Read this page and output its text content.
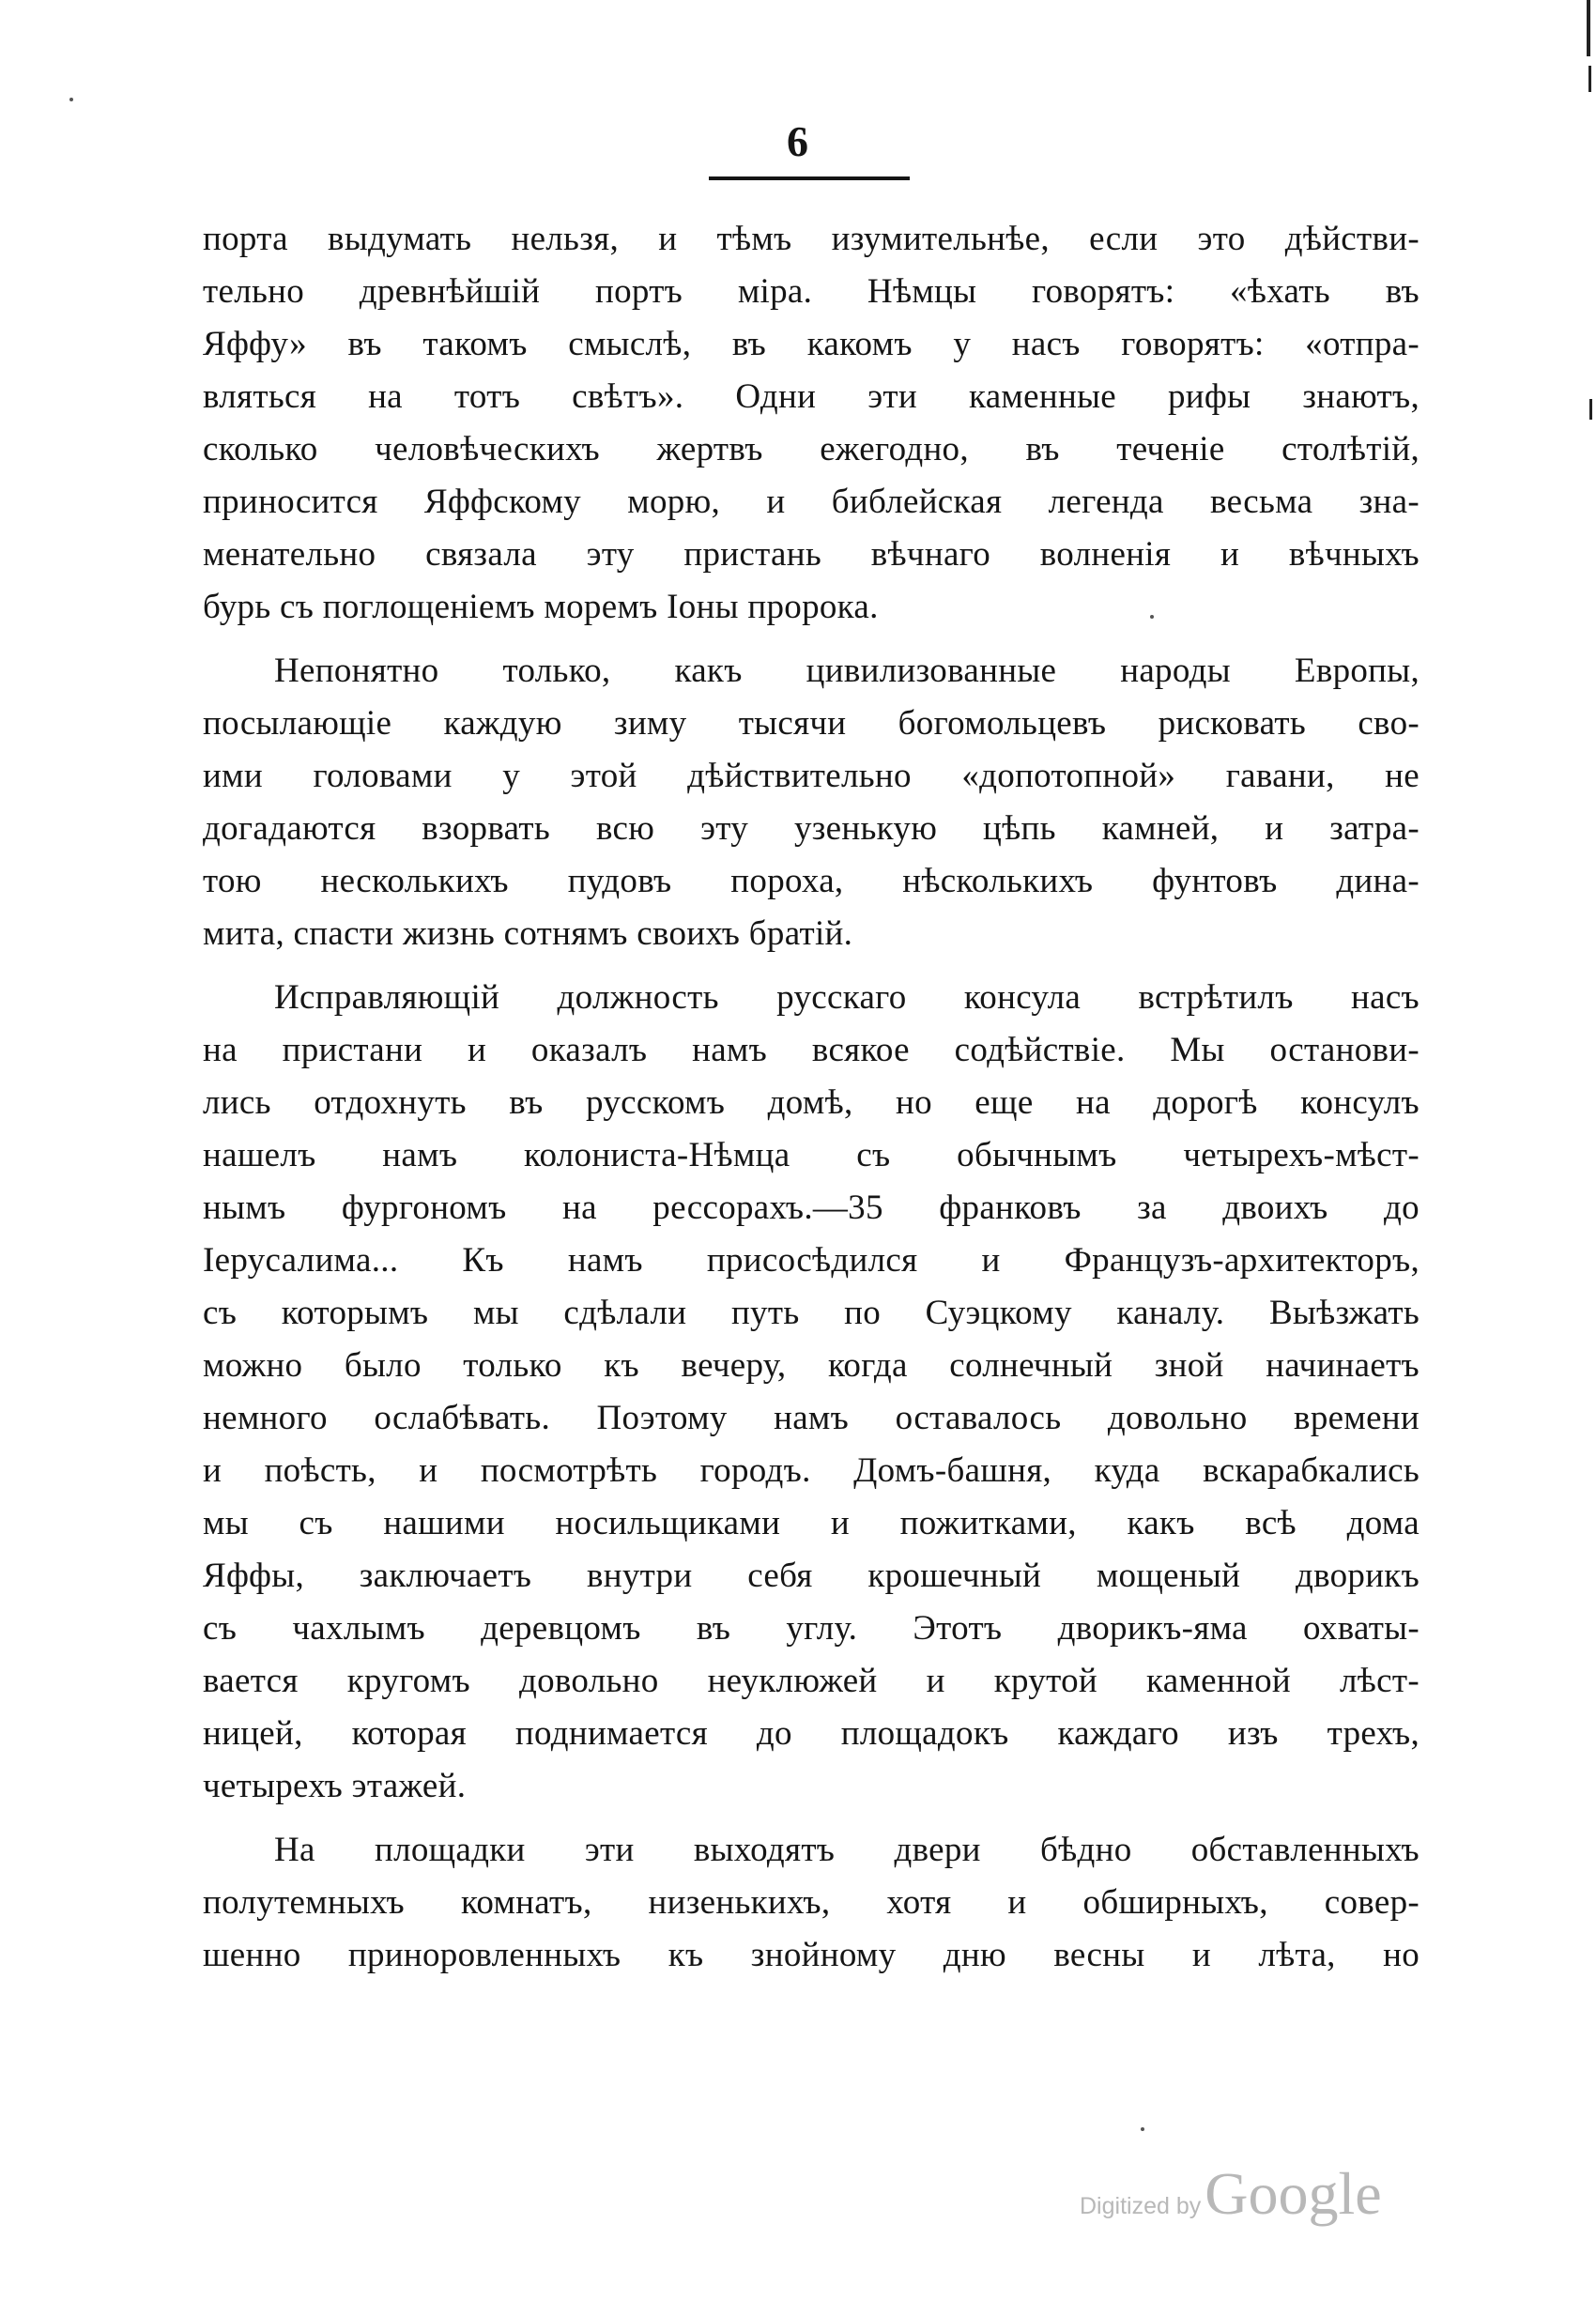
6
порта выдумать нельзя, и тѣмъ изумительнѣе, если это дѣйстви-
тельно древнѣйшій портъ міра. Нѣмцы говорятъ: «ѣхать въ
Яффу» въ такомъ смыслѣ, въ какомъ у насъ говорятъ: «отпра-
вляться на тотъ свѣтъ». Одни эти каменные рифы знаютъ,
сколько человѣческихъ жертвъ ежегодно, въ теченіе столѣтій,
приносится Яффскому морю, и библейская легенда весьма зна-
менательно связала эту пристань вѣчнаго волненія и вѣчныхъ
бурь съ поглощеніемъ моремъ Іоны пророка.
Непонятно только, какъ цивилизованные народы Европы,
посылающіе каждую зиму тысячи богомольцевъ рисковать сво-
ими головами у этой дѣйствительно «допотопной» гавани, не
догадаются взорвать всю эту узенькую цѣпь камней, и затра-
тою несколькихъ пудовъ пороха, нѣсколькихъ фунтовъ дина-
мита, спасти жизнь сотнямъ своихъ братій.
Исправляющій должность русскаго консула встрѣтилъ насъ
на пристани и оказалъ намъ всякое содѣйствіе. Мы останови-
лись отдохнуть въ русскомъ домѣ, но еще на дорогѣ консулъ
нашелъ намъ колониста-Нѣмца съ обычнымъ четырехъ-мѣст-
нымъ фургономъ на рессорахъ.—35 франковъ за двоихъ до
Іерусалима... Къ намъ присосѣдился и Французъ-архитекторъ,
съ которымъ мы сдѣлали путь по Суэцкому каналу. Выѣзжать
можно было только къ вечеру, когда солнечный зной начинаетъ
немного ослабѣвать. Поэтому намъ оставалось довольно времени
и поѣсть, и посмотрѣть городъ. Домъ-башня, куда вскарабкались
мы съ нашими носильщиками и пожитками, какъ всѣ дома
Яффы, заключаетъ внутри себя крошечный мощеный дворикъ
съ чахлымъ деревцомъ въ углу. Этотъ дворикъ-яма охваты-
вается кругомъ довольно неуклюжей и крутой каменной лѣст-
ницей, которая поднимается до площадокъ каждаго изъ трехъ,
четырехъ этажей.
На площадки эти выходятъ двери бѣдно обставленныхъ
полутемныхъ комнатъ, низенькихъ, хотя и обширныхъ, совер-
шенно приноровленныхъ къ знойному дню весны и лѣта, но
Digitized by Google
